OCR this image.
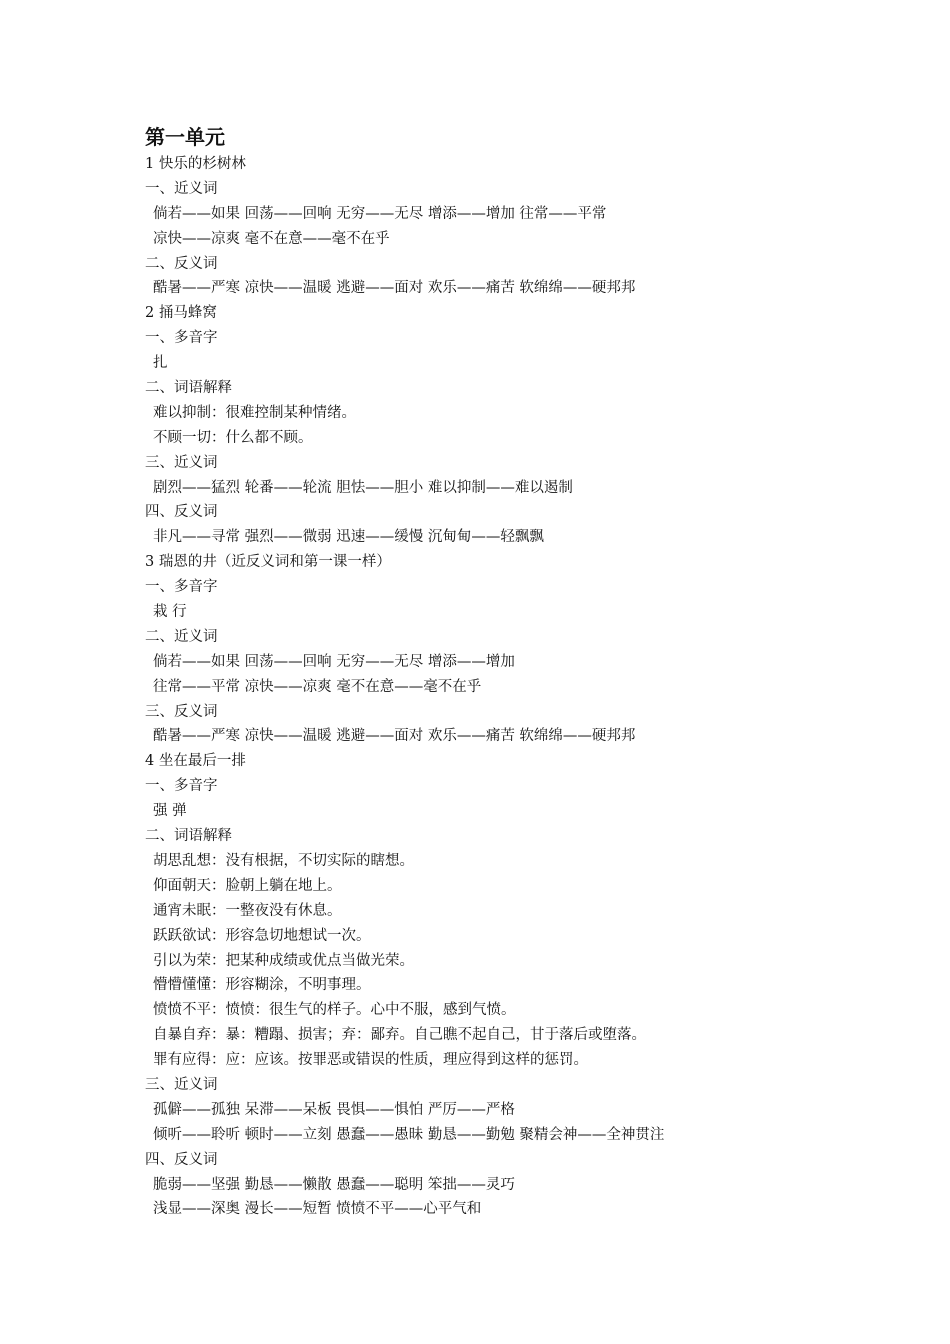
第一单元
1 快乐的杉树林
一、近义词
倘若——如果 回荡——回响 无穷——无尽 增添——增加 往常——平常
凉快——凉爽 毫不在意——毫不在乎
二、反义词
酷暑——严寒 凉快——温暖 逃避——面对 欢乐——痛苦 软绵绵——硬邦邦
2 捅马蜂窝
一、多音字
扎
二、词语解释
难以抑制：很难控制某种情绪。
不顾一切：什么都不顾。
三、近义词
剧烈——猛烈 轮番——轮流 胆怯——胆小 难以抑制——难以遏制
四、反义词
非凡——寻常 强烈——微弱 迅速——缓慢 沉甸甸——轻飘飘
3 瑞恩的井（近反义词和第一课一样）
一、多音字
栽 行
二、近义词
倘若——如果 回荡——回响 无穷——无尽 增添——增加
往常——平常 凉快——凉爽 毫不在意——毫不在乎
三、反义词
酷暑——严寒 凉快——温暖 逃避——面对 欢乐——痛苦 软绵绵——硬邦邦
4 坐在最后一排
一、多音字
强 弹
二、词语解释
胡思乱想：没有根据，不切实际的瞎想。
仰面朝天：脸朝上躺在地上。
通宵未眠：一整夜没有休息。
跃跃欲试：形容急切地想试一次。
引以为荣：把某种成绩或优点当做光荣。
懵懵懂懂：形容糊涂，不明事理。
愤愤不平：愤愤：很生气的样子。心中不服，感到气愤。
自暴自弃：暴：糟蹋、损害；弃：鄙弃。自己瞧不起自己，甘于落后或堕落。
罪有应得：应：应该。按罪恶或错误的性质，理应得到这样的惩罚。
三、近义词
孤僻——孤独 呆滞——呆板 畏惧——惧怕 严厉——严格
倾听——聆听 顿时——立刻 愚蠢——愚昧 勤恳——勤勉 聚精会神——全神贯注
四、反义词
脆弱——坚强 勤恳——懒散 愚蠢——聪明 笨拙——灵巧
浅显——深奥 漫长——短暂 愤愤不平——心平气和
